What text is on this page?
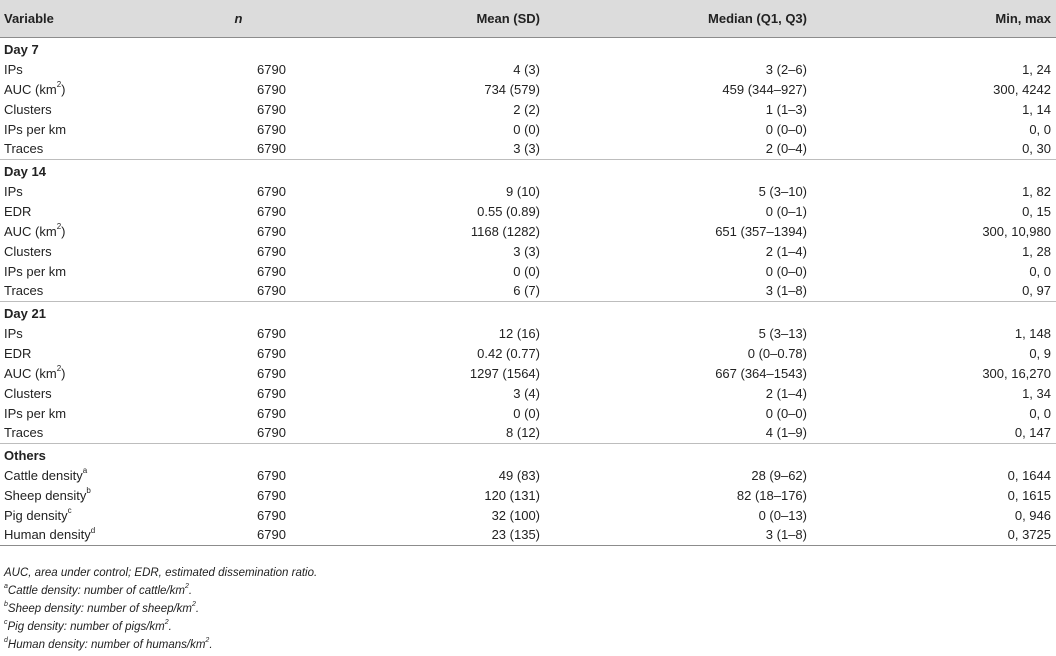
Variable	n	Mean (SD)	Median (Q1, Q3)	Min, max
Day 7				
IPs	6790	4 (3)	3 (2–6)	1, 24
AUC $(km^2)$	6790	734 (579)	459 (344–927)	300, 4242
Clusters	6790	2 (2)	1 (1–3)	1, 14
IPs per km	6790	0 (0)	0 (0–0)	0, 0
Traces	6790	3 (3)	2 (0–4)	0, 30
Day 14				
IPs	6790	9 (10)	5 (3–10)	1, 82
EDR	6790	0.55 (0.89)	0 (0–1)	0, 15
AUC $(km^2)$	6790	1168 (1282)	651 (357–1394)	300, 10,980
Clusters	6790	3 (3)	2 (1–4)	1, 28
IPs per km	6790	0 (0)	0 (0–0)	0, 0
Traces	6790	6 (7)	3 (1–8)	0, 97
Day 21				
IPs	6790	12 (16)	5 (3–13)	1, 148
EDR	6790	0.42 (0.77)	0 (0–0.78)	0, 9
AUC $(km^2)$	6790	1297 (1564)	667 (364–1543)	300, 16,270
Clusters	6790	3 (4)	2 (1–4)	1, 34
IPs per km	6790	0 (0)	0 (0–0)	0, 0
Traces	6790	8 (12)	4 (1–9)	0, 147
Others				
Cattle density$^a$	6790	49 (83)	28 (9–62)	0, 1644
Sheep density$^b$	6790	120 (131)	82 (18–176)	0, 1615
Pig density$^c$	6790	32 (100)	0 (0–13)	0, 946
Human density$^d$	6790	23 (135)	3 (1–8)	0, 3725
AUC, area under control; EDR, estimated dissemination ratio.
$^a$Cattle density: number of cattle/$km^2$.
$^b$Sheep density: number of sheep/$km^2$.
$^c$Pig density: number of pigs/$km^2$.
$^d$Human density: number of humans/$km^2$.
